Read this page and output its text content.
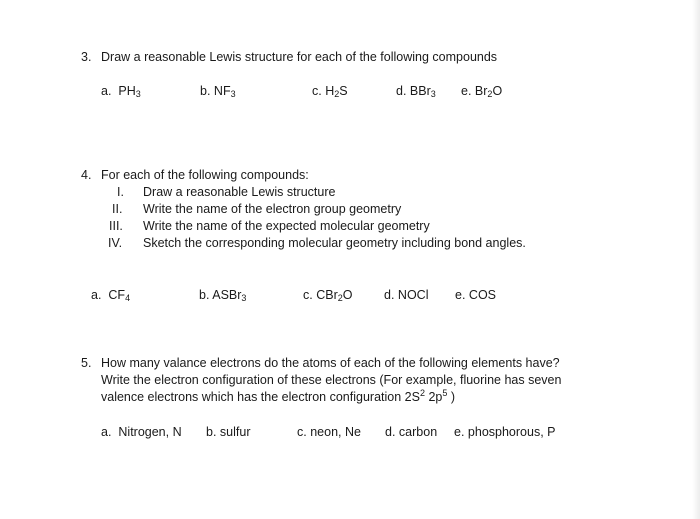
3. Draw a reasonable Lewis structure for each of the following compounds
a. $PH_3$	b. $NF_3$	c. $H_2S$	d. BBr$_3$ e. $Br_2O$
4. For each of the following compounds:
I. Draw a reasonable Lewis structure
II. Write the name of the electron group geometry
III. Write the name of the expected molecular geometry
IV. Sketch the corresponding molecular geometry including bond angles.
a. $CF_4$	b. ASBr$_3$	c. CBr$_2$O	d. NOCl e. COS
5. How many valance electrons do the atoms of each of the following elements have?
Write the electron configuration of these electrons (For example, fluorine has seven
valence electrons which has the electron configuration $2S^2$ $2p^5$ )
a. Nitrogen, N b. sulfur	c. neon, Ne d. carbon e. phosphorous, P
